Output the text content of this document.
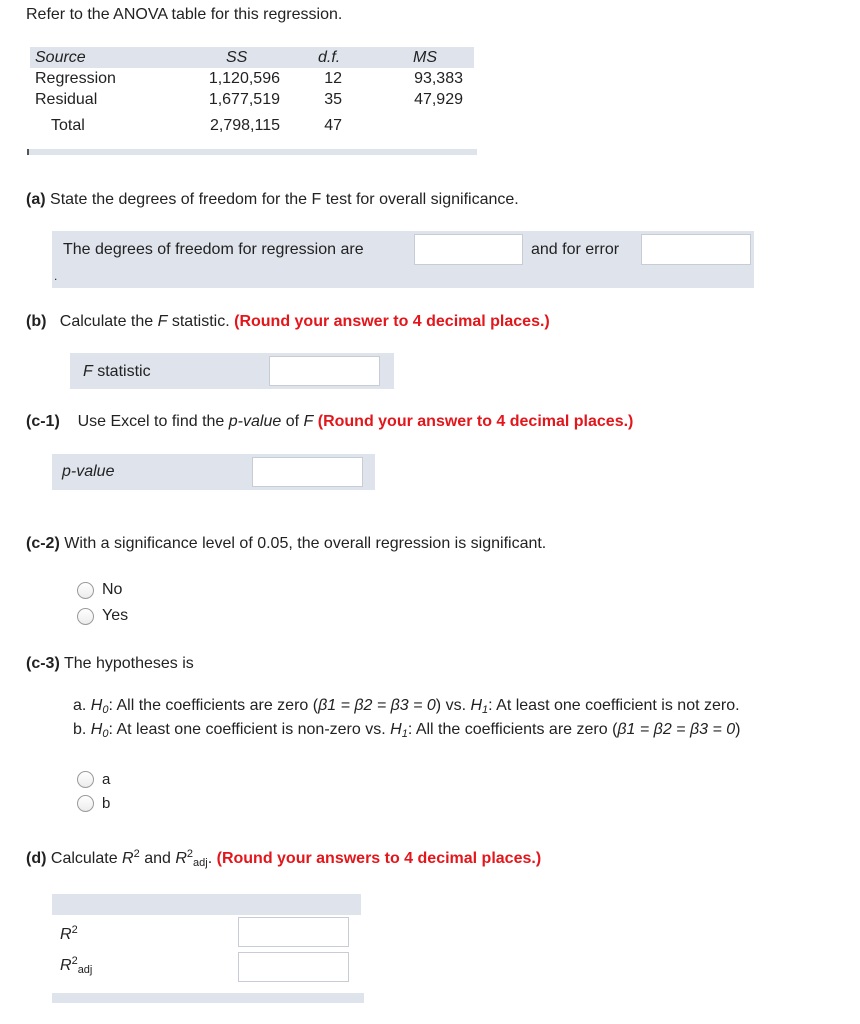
Refer to the ANOVA table for this regression.
Source	SS	d.f.	MS
Regression	1,120,596	12	93,383
Residual	1,677,519	35	47,929
Total	2,798,115	47
(a) State the degrees of freedom for the F test for overall significance.
The degrees of freedom for regression are	and for error
.
(b) Calculate the F statistic. (Round your answer to 4 decimal places.)
F statistic
(c-1) Use Excel to find the p-value of F (Round your answer to 4 decimal places.)
p-value
(c-2) With a significance level of 0.05, the overall regression is significant.
No
Yes
(c-3) The hypotheses is
a. $H_0$: All the coefficients are zero (β1 = β2 = β3 = 0) vs. $H_1$: At least one coefficient is not zero.
b. $H_0$: At least one coefficient is non-zero vs. $H_1$: All the coefficients are zero (β1 = β2 = β3 = 0)
a
b
(d) Calculate $R^2$ and $R^2_{adj}$. (Round your answers to 4 decimal places.)
$R^2$
$R^2_{adj}$
